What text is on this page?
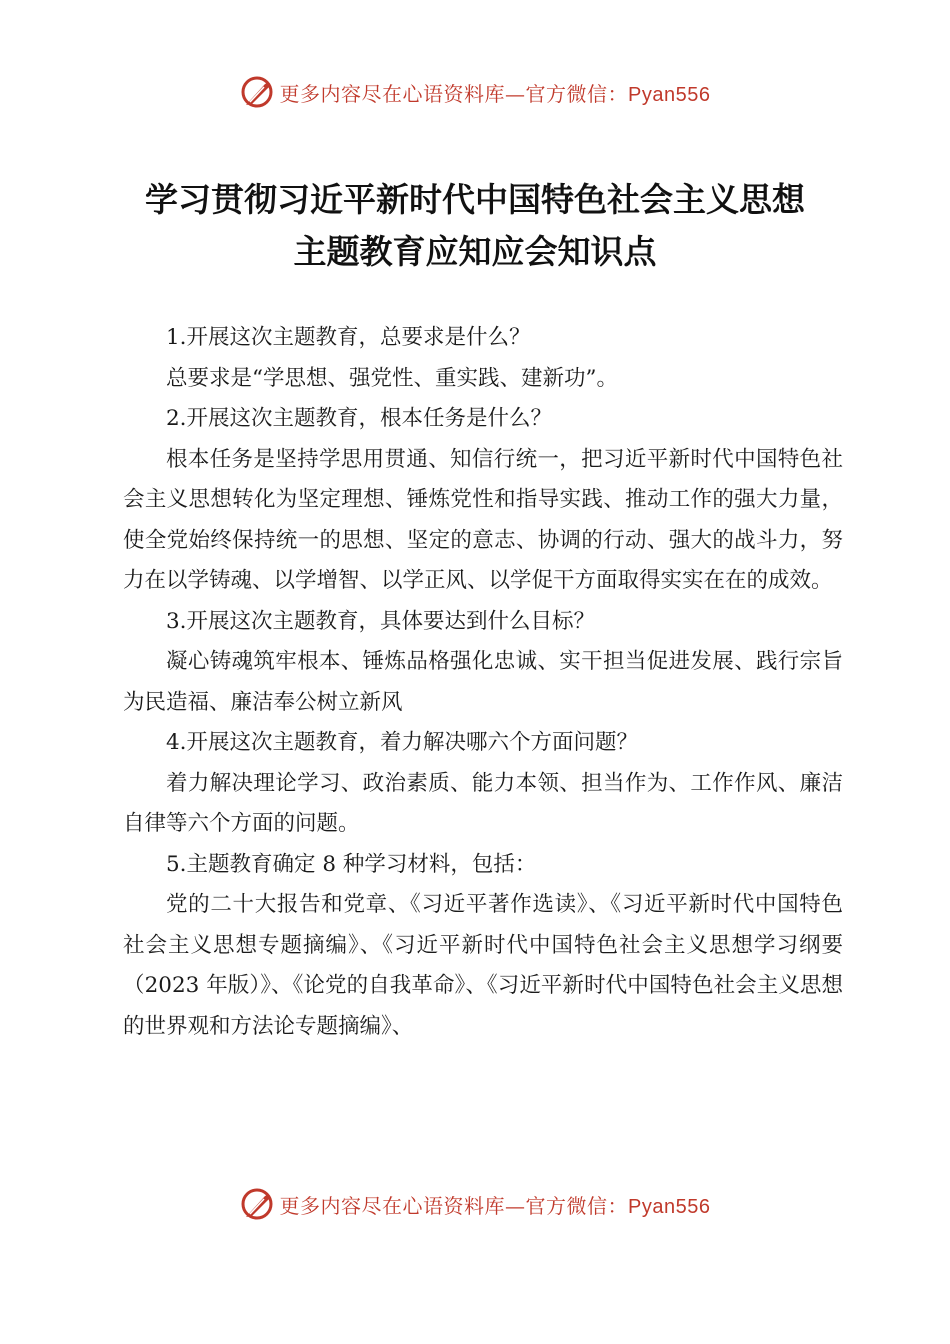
更多内容尽在心语资料库—官方微信：Pyan556
学习贯彻习近平新时代中国特色社会主义思想
主题教育应知应会知识点

1.开展这次主题教育，总要求是什么？

总要求是“学思想、强党性、重实践、建新功”。

2.开展这次主题教育，根本任务是什么？

根本任务是坚持学思用贯通、知信行统一，把习近平新时代中国特色社会主义思想转化为坚定理想、锤炼党性和指导实践、推动工作的强大力量，使全党始终保持统一的思想、坚定的意志、协调的行动、强大的战斗力，努力在以学铸魂、以学增智、以学正风、以学促干方面取得实实在在的成效。

3.开展这次主题教育，具体要达到什么目标？

凝心铸魂筑牢根本、锤炼品格强化忠诚、实干担当促进发展、践行宗旨为民造福、廉洁奉公树立新风

4.开展这次主题教育，着力解决哪六个方面问题？

着力解决理论学习、政治素质、能力本领、担当作为、工作作风、廉洁自律等六个方面的问题。

5.主题教育确定 8 种学习材料，包括：

党的二十大报告和党章、《习近平著作选读》、《习近平新时代中国特色社会主义思想专题摘编》、《习近平新时代中国特色社会主义思想学习纲要（2023 年版）》、《论党的自我革命》、《习近平新时代中国特色社会主义思想的世界观和方法论专题摘编》、

更多内容尽在心语资料库—官方微信：Pyan556
